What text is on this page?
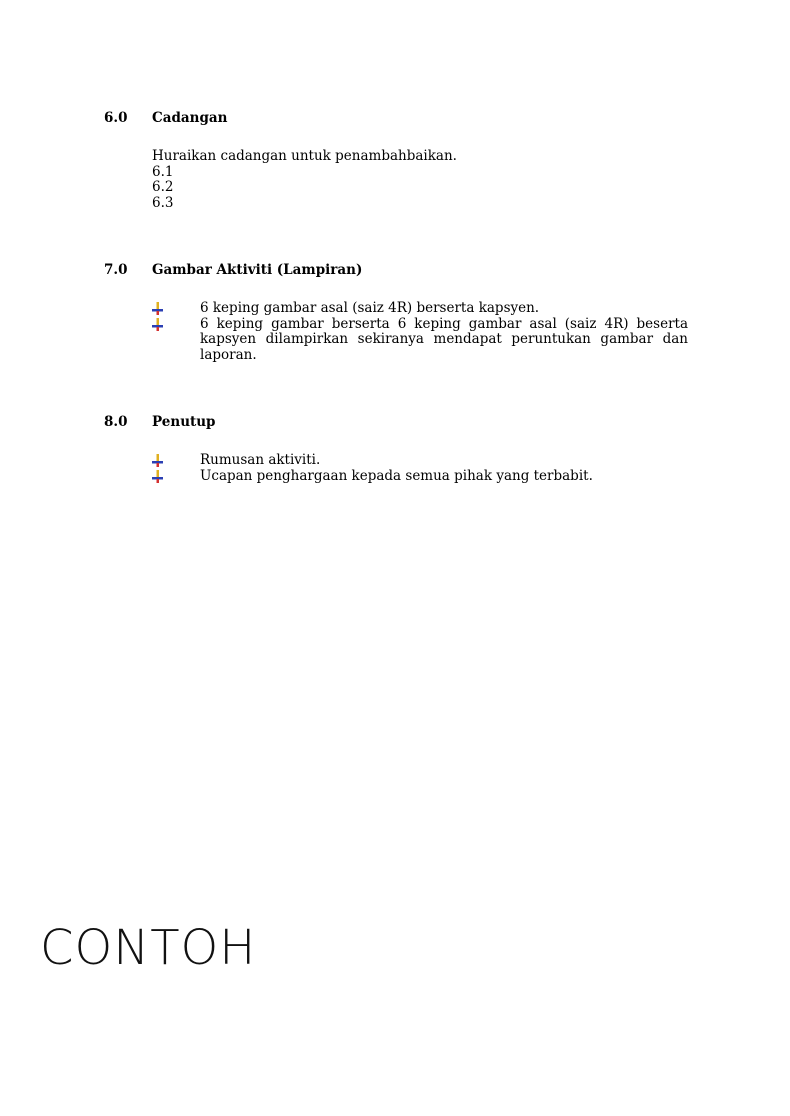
6.0 Cadangan
Huraikan cadangan untuk penambahbaikan.
6.1
6.2
6.3
7.0 Gambar Aktiviti (Lampiran)
6 keping gambar asal (saiz 4R) berserta kapsyen.
6 keping gambar berserta 6 keping gambar asal (saiz 4R) beserta kapsyen dilampirkan sekiranya mendapat peruntukan gambar dan laporan.
8.0 Penutup
Rumusan aktiviti.
Ucapan penghargaan kepada semua pihak yang terbabit.
CONTOH
